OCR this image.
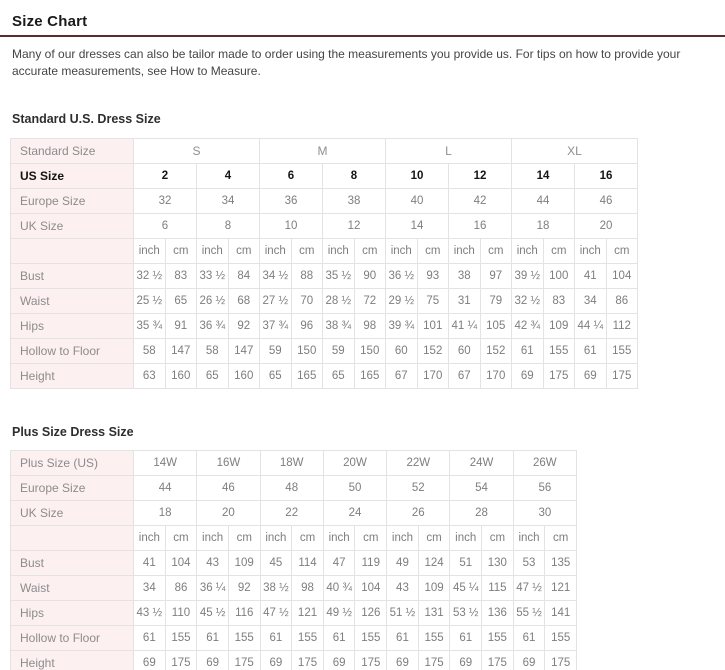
Size Chart

Many of our dresses can also be tailor made to order using the measurements you provide us. For tips on how to provide your accurate measurements, see How to Measure.

Standard U.S. Dress Size
Standard Size	S				M				L				XL			
US Size	2		4		6		8		10		12		14		16	
Europe Size	32		34		36		38		40		42		44		46	
UK Size	6		8		10		12		14		16		18		20	
	inch	cm	inch	cm	inch	cm	inch	cm	inch	cm	inch	cm	inch	cm	inch	cm
Bust	32 ½	83	33 ½	84	34 ½	88	35 ½	90	36 ½	93	38	97	39 ½	100	41	104
Waist	25 ½	65	26 ½	68	27 ½	70	28 ½	72	29 ½	75	31	79	32 ½	83	34	86
Hips	35 ¾	91	36 ¾	92	37 ¾	96	38 ¾	98	39 ¾	101	41 ¼	105	42 ¾	109	44 ¼	112
Hollow to Floor	58	147	58	147	59	150	59	150	60	152	60	152	61	155	61	155
Height	63	160	65	160	65	165	65	165	67	170	67	170	69	175	69	175
Plus Size Dress Size
Plus Size (US)	14W		16W		18W		20W		22W		24W		26W	
Europe Size	44		46		48		50		52		54		56	
UK Size	18		20		22		24		26		28		30	
	inch	cm	inch	cm	inch	cm	inch	cm	inch	cm	inch	cm	inch	cm
Bust	41	104	43	109	45	114	47	119	49	124	51	130	53	135
Waist	34	86	36 ¼	92	38 ½	98	40 ¾	104	43	109	45 ¼	115	47 ½	121
Hips	43 ½	110	45 ½	116	47 ½	121	49 ½	126	51 ½	131	53 ½	136	55 ½	141
Hollow to Floor	61	155	61	155	61	155	61	155	61	155	61	155	61	155
Height	69	175	69	175	69	175	69	175	69	175	69	175	69	175
